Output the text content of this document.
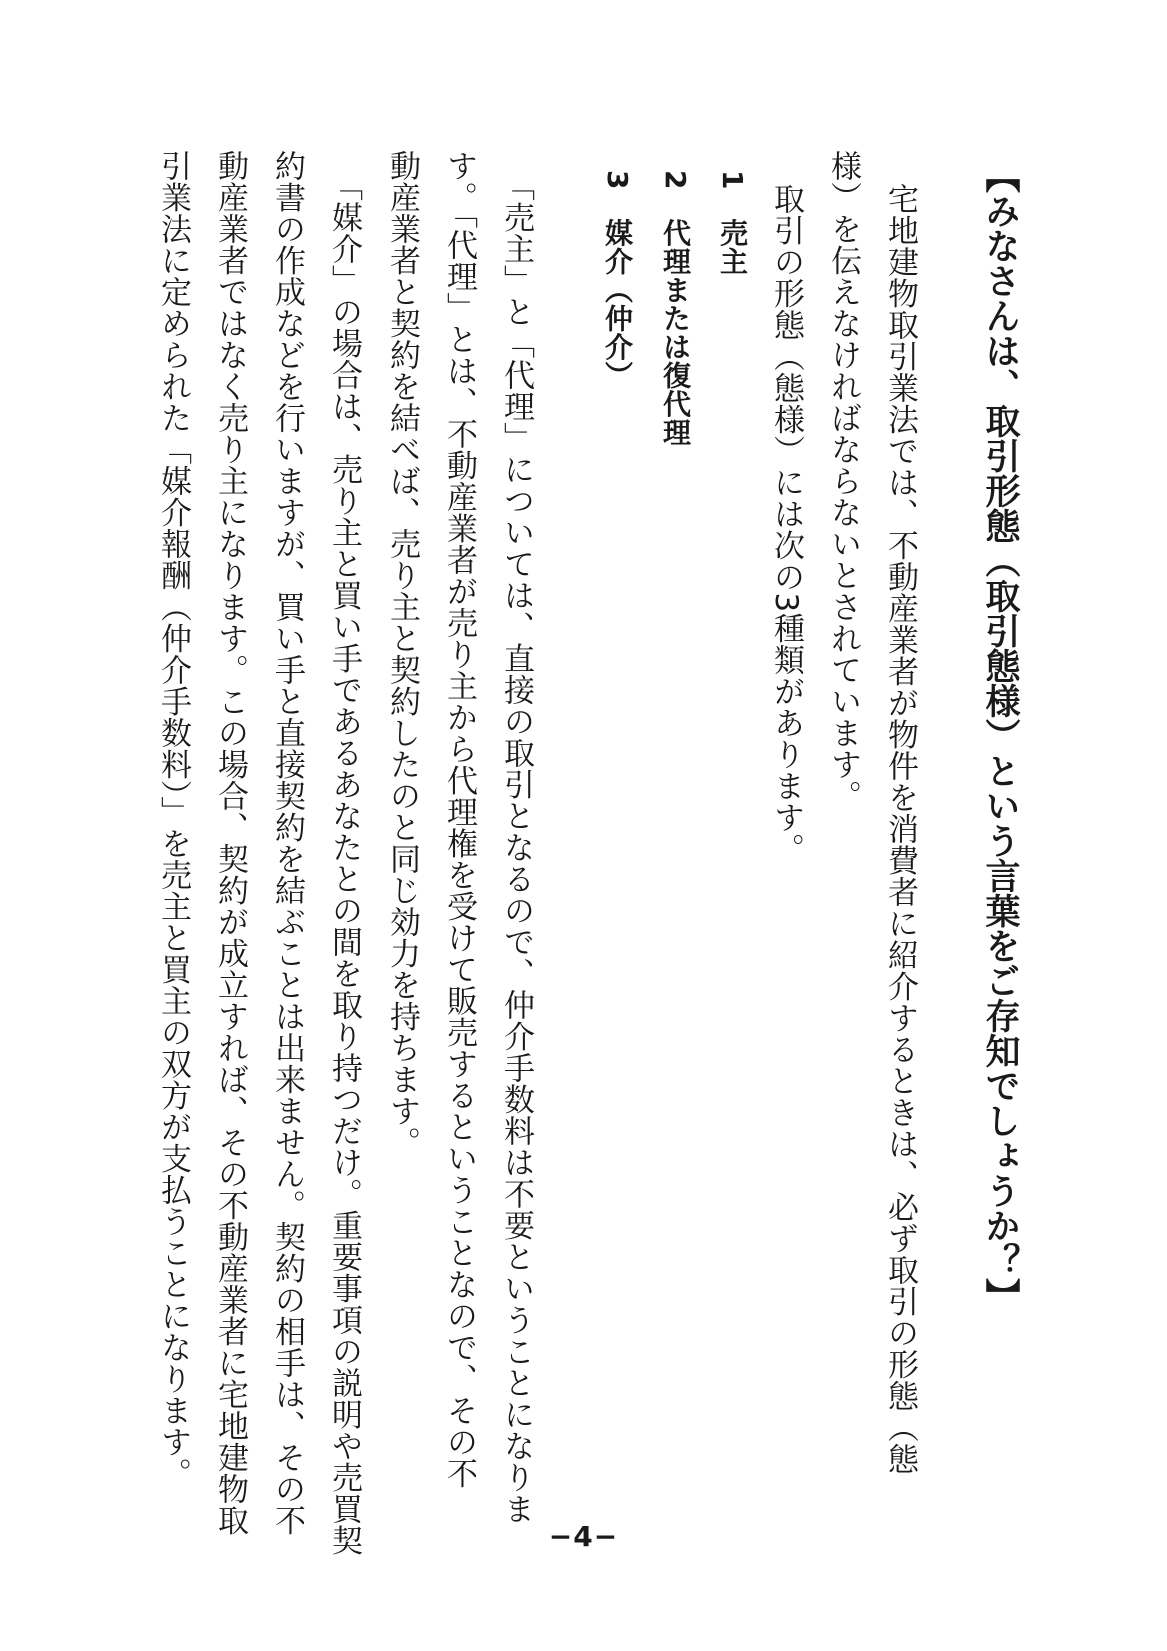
【みなさんは、取引形態（取引態様）という言葉をご存知でしょうか？】
宅地建物取引業法では、不動産業者が物件を消費者に紹介するときは、必ず取引の形態（態
様）を伝えなければならないとされています。
取引の形態（態様）には次の3種類があります。
1　売主
2　代理または復代理
3　媒介（仲介）
「売主」と「代理」については、直接の取引となるので、仲介手数料は不要ということになりま
す。「代理」とは、不動産業者が売り主から代理権を受けて販売するということなので、その不
動産業者と契約を結べば、売り主と契約したのと同じ効力を持ちます。
「媒介」の場合は、売り主と買い手であるあなたとの間を取り持つだけ。重要事項の説明や売買契
約書の作成などを行いますが、買い手と直接契約を結ぶことは出来ません。契約の相手は、その不
動産業者ではなく売り主になります。この場合、契約が成立すれば、その不動産業者に宅地建物取
引業法に定められた「媒介報酬（仲介手数料）」を売主と買主の双方が支払うことになります。
−4−
